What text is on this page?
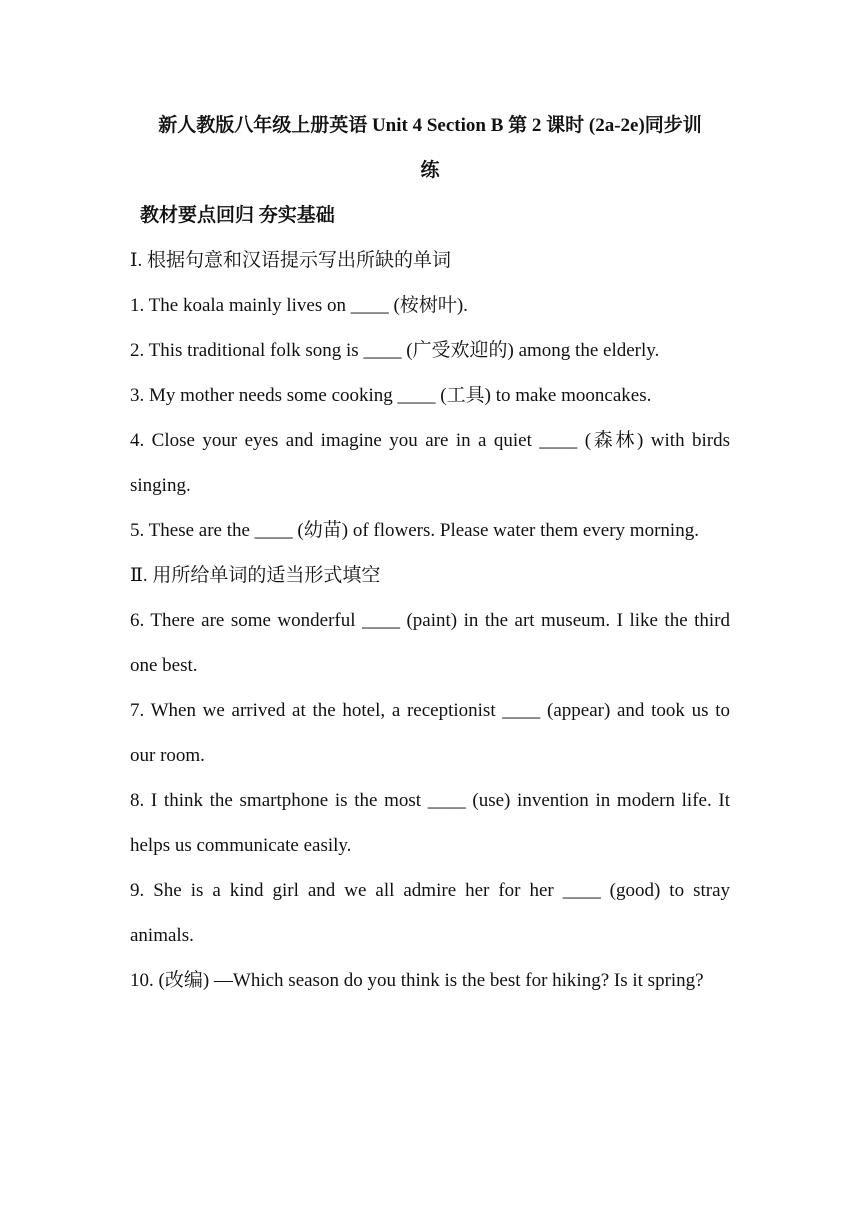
新人教版八年级上册英语 Unit 4 Section B 第 2 课时 (2a-2e)同步训

练

教材要点回归 夯实基础

Ⅰ. 根据句意和汉语提示写出所缺的单词

1. The koala mainly lives on ____ (桉树叶).

2. This traditional folk song is ____ (广受欢迎的) among the elderly.

3. My mother needs some cooking ____ (工具) to make mooncakes.

4. Close your eyes and imagine you are in a quiet ____ (森林) with birds singing.

5. These are the ____ (幼苗) of flowers. Please water them every morning.

Ⅱ. 用所给单词的适当形式填空

6. There are some wonderful ____ (paint) in the art museum. I like the third one best.

7. When we arrived at the hotel, a receptionist ____ (appear) and took us to our room.

8. I think the smartphone is the most ____ (use) invention in modern life. It helps us communicate easily.

9. She is a kind girl and we all admire her for her ____ (good) to stray animals.

10. (改编) —Which season do you think is the best for hiking? Is it spring?
